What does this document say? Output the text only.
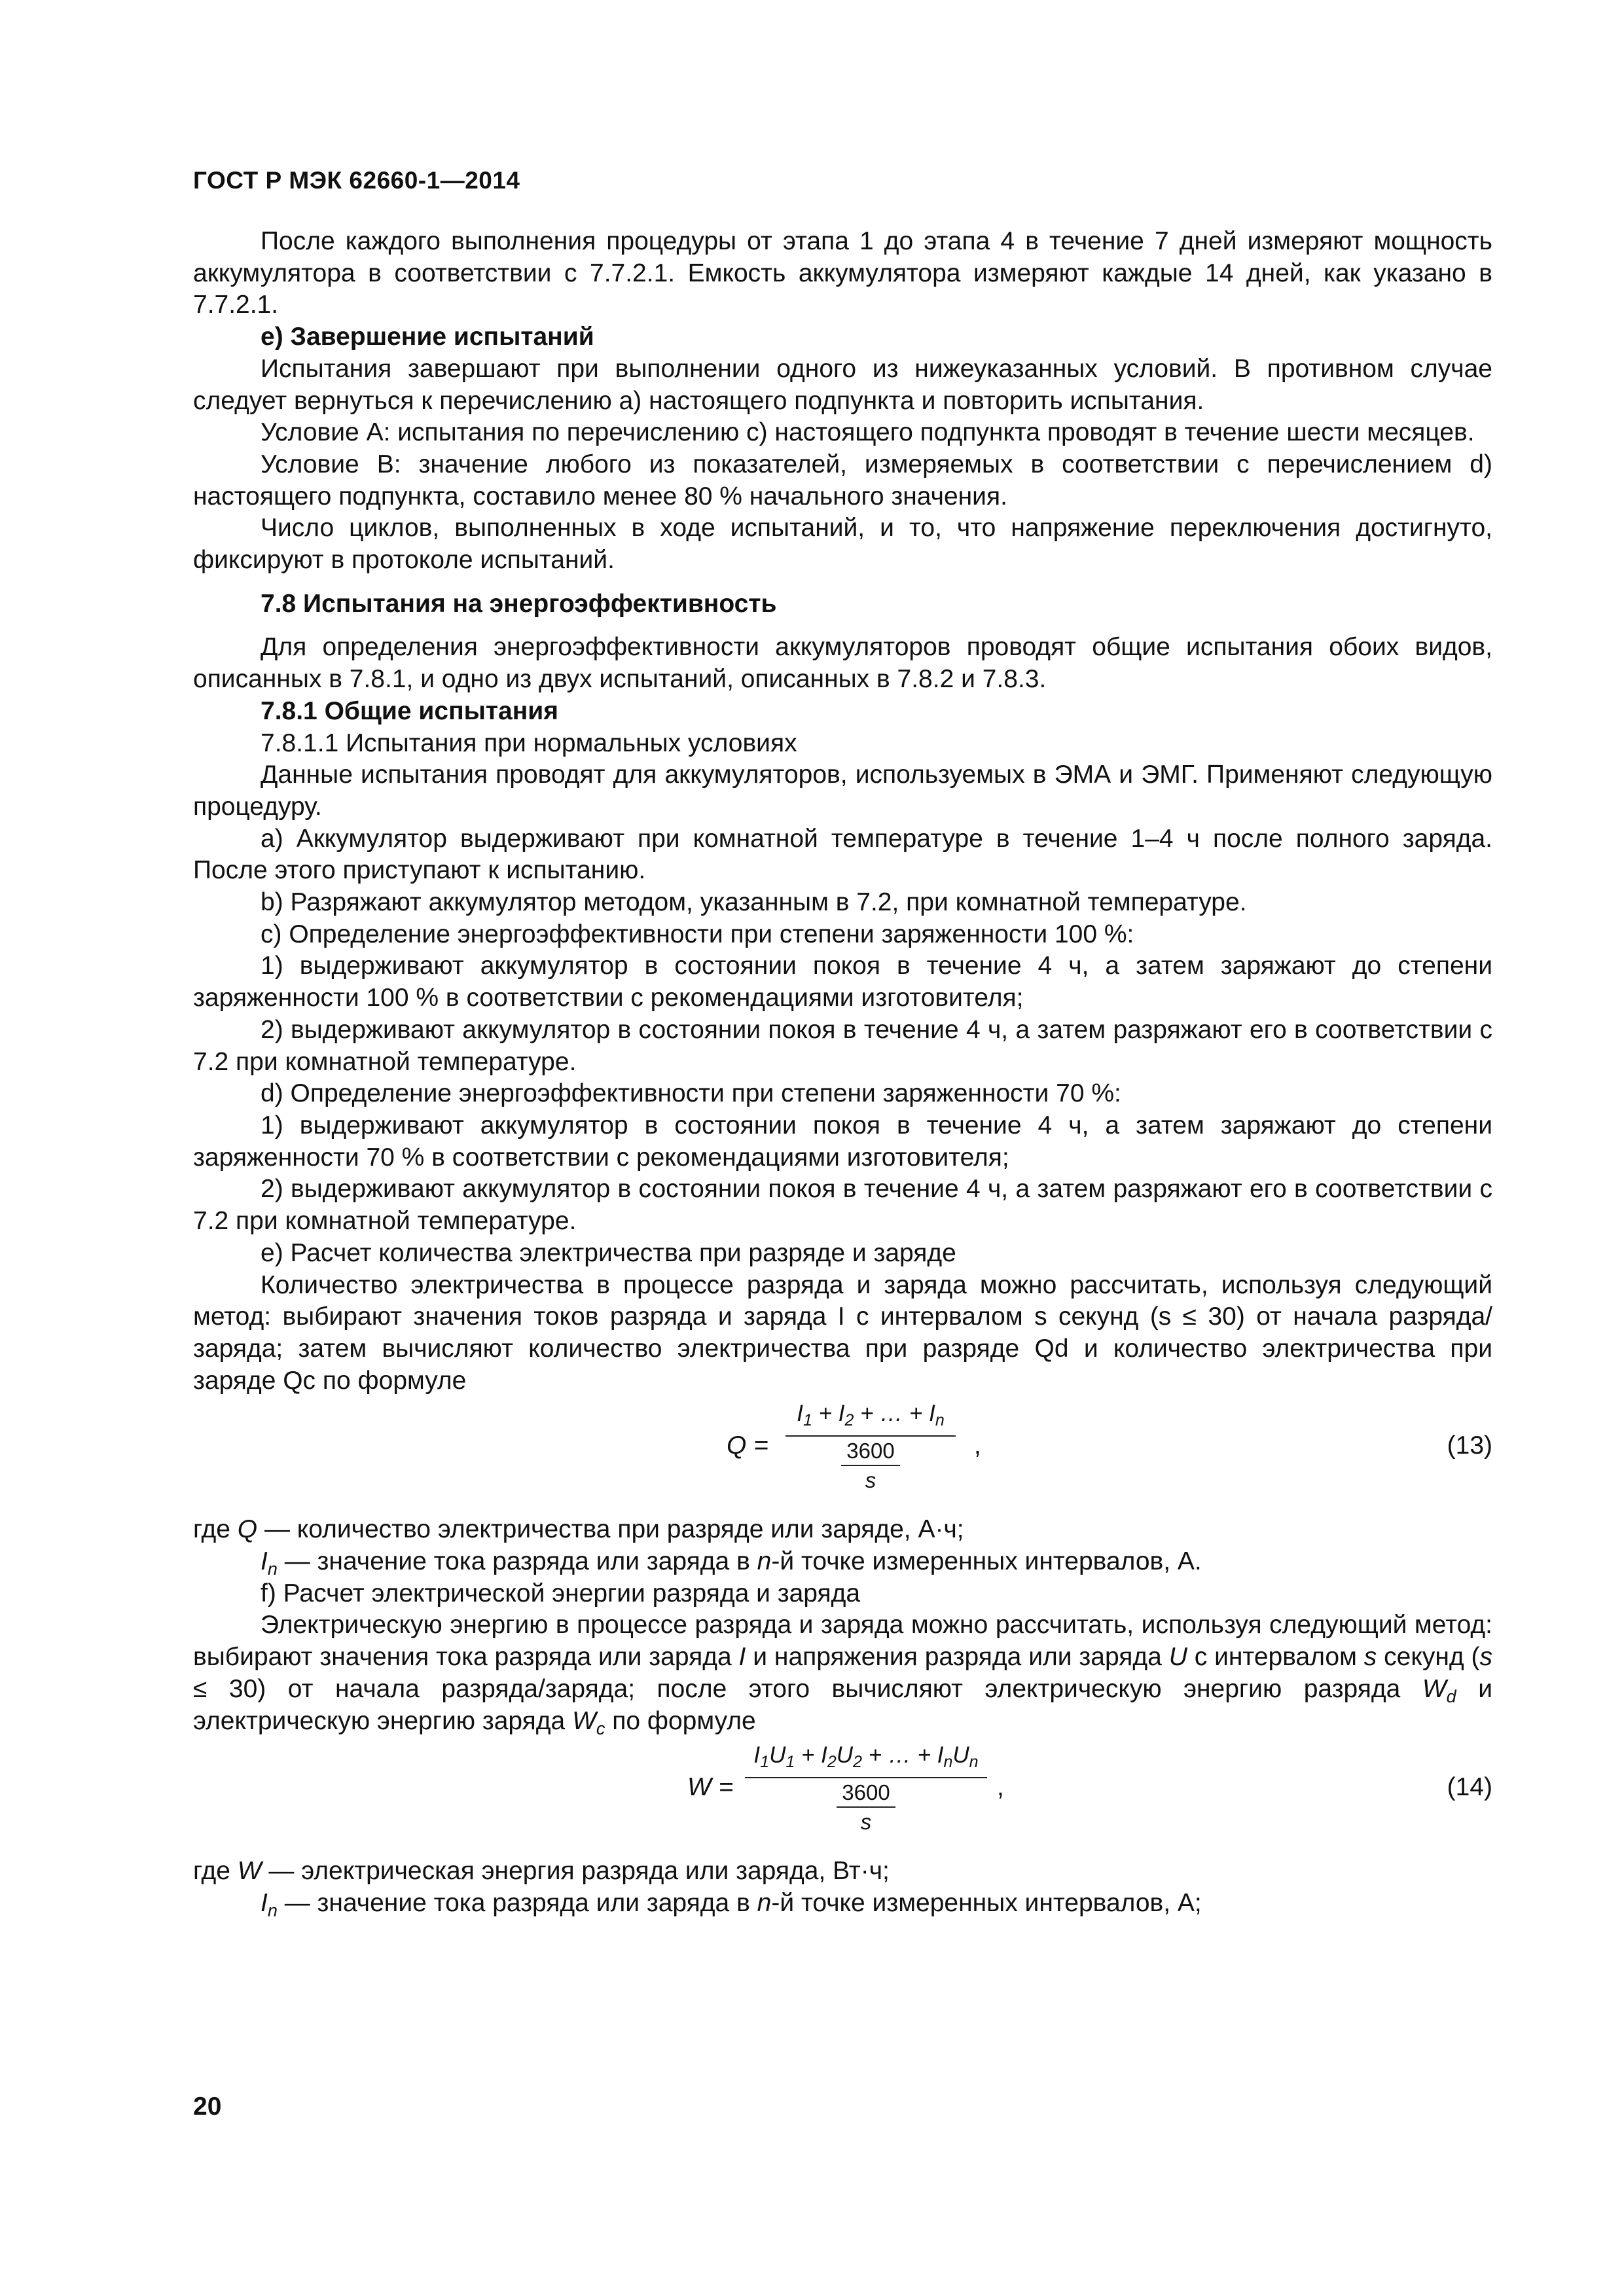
ГОСТ Р МЭК 62660-1—2014

После каждого выполнения процедуры от этапа 1 до этапа 4 в течение 7 дней измеряют мощность аккумулятора в соответствии с 7.7.2.1. Емкость аккумулятора измеряют каждые 14 дней, как указано в 7.7.2.1.

е) Завершение испытаний

Испытания завершают при выполнении одного из нижеуказанных условий. В противном случае следует вернуться к перечислению а) настоящего подпункта и повторить испытания.

Условие А: испытания по перечислению с) настоящего подпункта проводят в течение шести месяцев.

Условие В: значение любого из показателей, измеряемых в соответствии с перечислением d) настоящего подпункта, составило менее 80 % начального значения.

Число циклов, выполненных в ходе испытаний, и то, что напряжение переключения достигнуто, фиксируют в протоколе испытаний.

7.8 Испытания на энергоэффективность

Для определения энергоэффективности аккумуляторов проводят общие испытания обоих видов, описанных в 7.8.1, и одно из двух испытаний, описанных в 7.8.2 и 7.8.3.

7.8.1 Общие испытания

7.8.1.1 Испытания при нормальных условиях

Данные испытания проводят для аккумуляторов, используемых в ЭМА и ЭМГ. Применяют следующую процедуру.

а) Аккумулятор выдерживают при комнатной температуре в течение 1–4 ч после полного заряда. После этого приступают к испытанию.

b) Разряжают аккумулятор методом, указанным в 7.2, при комнатной температуре.

с) Определение энергоэффективности при степени заряженности 100 %:

1) выдерживают аккумулятор в состоянии покоя в течение 4 ч, а затем заряжают до степени заряженности 100 % в соответствии с рекомендациями изготовителя;

2) выдерживают аккумулятор в состоянии покоя в течение 4 ч, а затем разряжают его в соответствии с 7.2 при комнатной температуре.

d) Определение энергоэффективности при степени заряженности 70 %:

1) выдерживают аккумулятор в состоянии покоя в течение 4 ч, а затем заряжают до степени заряженности 70 % в соответствии с рекомендациями изготовителя;

2) выдерживают аккумулятор в состоянии покоя в течение 4 ч, а затем разряжают его в соответствии с 7.2 при комнатной температуре.

е) Расчет количества электричества при разряде и заряде

Количество электричества в процессе разряда и заряда можно рассчитать, используя следующий метод: выбирают значения токов разряда и заряда I с интервалом s секунд (s ≤ 30) от начала разряда/заряда; затем вычисляют количество электричества при разряде Qd и количество электричества при заряде Qc по формуле

Q =
$I_1 + I_2$ + … + $I_n$
3600
s
,	(13)

где Q — количество электричества при разряде или заряде, А·ч;

$I_n$ — значение тока разряда или заряда в n-й точке измеренных интервалов, А.

f) Расчет электрической энергии разряда и заряда

Электрическую энергию в процессе разряда и заряда можно рассчитать, используя следующий метод: выбирают значения тока разряда или заряда I и напряжения разряда или заряда U с интервалом s секунд (s ≤ 30) от начала разряда/заряда; после этого вычисляют электрическую энергию разряда $W_d$ и электрическую энергию заряда $W_c$ по формуле

W =
$I_1U_1 + I_2U_2$ + … + $I_nU_n$
3600
s
,	(14)

где W — электрическая энергия разряда или заряда, Вт·ч;

$I_n$ — значение тока разряда или заряда в n-й точке измеренных интервалов, А;

20
